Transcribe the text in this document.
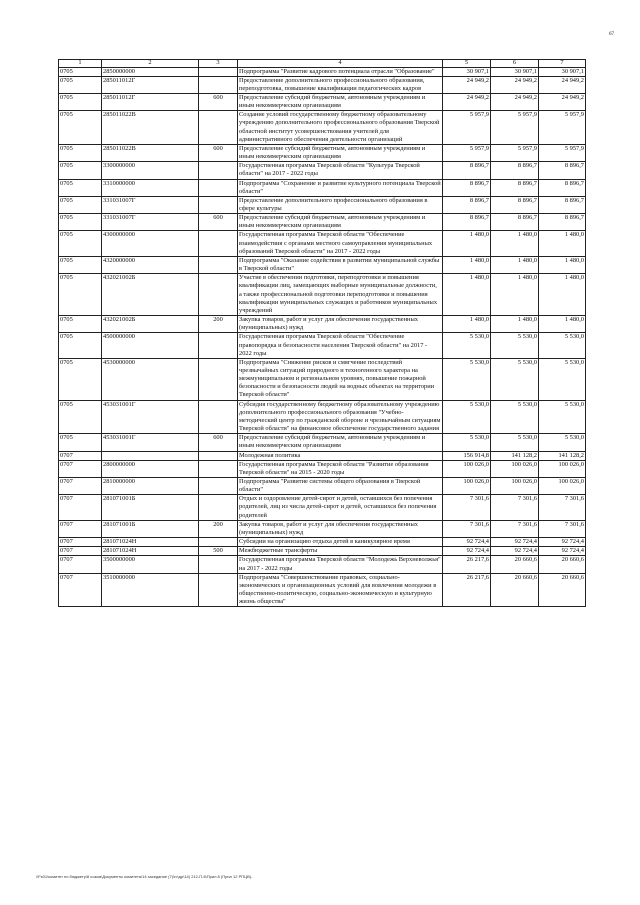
67
1	2	3	4	5	6	7
0705	2850000000		Подпрограмма "Развитие кадрового потенциала отрасли "Образование"	30 907,1	30 907,1	30 907,1
0705	285011012Г		Предоставление дополнительного профессионального образования, переподготовка, повышение квалификации педагогических кадров	24 949,2	24 949,2	24 949,2
0705	285011012Г	600	Предоставление субсидий бюджетным, автономным учреждениям и иным некоммерческим организациям	24 949,2	24 949,2	24 949,2
0705	285011022В		Создание условий государственному бюджетному образовательному учреждению дополнительного профессионального образования Тверской областной институт усовершенствования учителей для административного обеспечения деятельности организаций	5 957,9	5 957,9	5 957,9
0705	285011022В	600	Предоставление субсидий бюджетным, автономным учреждениям и иным некоммерческим организациям	5 957,9	5 957,9	5 957,9
0705	3300000000		Государственная программа Тверской области "Культура Тверской области" на 2017 - 2022 годы	8 896,7	8 896,7	8 896,7
0705	3310000000		Подпрограмма "Сохранение и развитие культурного потенциала Тверской области"	8 896,7	8 896,7	8 896,7
0705	331031007Г		Предоставление дополнительного профессионального образования в сфере культуры	8 896,7	8 896,7	8 896,7
0705	331031007Г	600	Предоставление субсидий бюджетным, автономным учреждениям и иным некоммерческим организациям	8 896,7	8 896,7	8 896,7
0705	4300000000		Государственная программа Тверской области "Обеспечение взаимодействия с органами местного самоуправления муниципальных образований Тверской области" на 2017 - 2022 годы	1 480,0	1 480,0	1 480,0
0705	4320000000		Подпрограмма "Оказание содействия в развитии муниципальной службы в Тверской области"	1 480,0	1 480,0	1 480,0
0705	432021002Б		Участие в обеспечении подготовки, переподготовки и повышения квалификации лиц, замещающих выборные муниципальные должности, а также профессиональной подготовки переподготовки и повышения квалификации муниципальных служащих и работников муниципальных учреждений	1 480,0	1 480,0	1 480,0
0705	432021002Б	200	Закупка товаров, работ и услуг для обеспечения государственных (муниципальных) нужд	1 480,0	1 480,0	1 480,0
0705	4500000000		Государственная программа Тверской области "Обеспечение правопорядка и безопасности населения Тверской области" на 2017 - 2022 годы	5 530,0	5 530,0	5 530,0
0705	4530000000		Подпрограмма "Снижение рисков и смягчение последствий чрезвычайных ситуаций природного и техногенного характера на межмуниципальном и региональном уровнях, повышение пожарной безопасности и безопасности людей на водных объектах на территории Тверской области"	5 530,0	5 530,0	5 530,0
0705	453031001Г		Субсидия государственному бюджетному образовательному учреждению дополнительного профессионального образования "Учебно-методический центр по гражданской обороне и чрезвычайным ситуациям Тверской области" на финансовое обеспечение государственного задания	5 530,0	5 530,0	5 530,0
0705	453031001Г	600	Предоставление субсидий бюджетным, автономным учреждениям и иным некоммерческим организациям	5 530,0	5 530,0	5 530,0
0707			Молодежная политика	156 914,8	141 128,2	141 128,2
0707	2800000000		Государственная программа Тверской области "Развитие образования Тверской области" на 2015 - 2020 годы	100 026,0	100 026,0	100 026,0
0707	2810000000		Подпрограмма "Развитие системы общего образования в Тверской области"	100 026,0	100 026,0	100 026,0
0707	281071001Б		Отдых и оздоровление детей-сирот и детей, оставшихся без попечения родителей, лиц из числа детей-сирот и детей, оставшихся без попечения родителей	7 301,6	7 301,6	7 301,6
0707	281071001Б	200	Закупка товаров, работ и услуг для обеспечения государственных (муниципальных) нужд	7 301,6	7 301,6	7 301,6
0707	281071024Н		Субсидии на организацию отдыха детей в каникулярное время	92 724,4	92 724,4	92 724,4
0707	281071024Н	500	Межбюджетные трансферты	92 724,4	92 724,4	92 724,4
0707	3500000000		Государственная программа Тверской области "Молодежь Верхневолжья" на 2017 - 2022 годы	26 217,6	20 660,6	20 660,6
0707	3510000000		Подпрограмма "Совершенствование правовых, социально-экономических и организационных условий для вовлечения молодежи в общественно-политическую, социально-экономическую и культурную жизнь общества"	26 217,6	20 660,6	20 660,6
\\Fs01\комитет по бюджету\8 созыв\Документы комитета\14 заседание (7)\гс\др\14) 212-П-6\Прил 8 (Прил 12 РПЦВ)-
